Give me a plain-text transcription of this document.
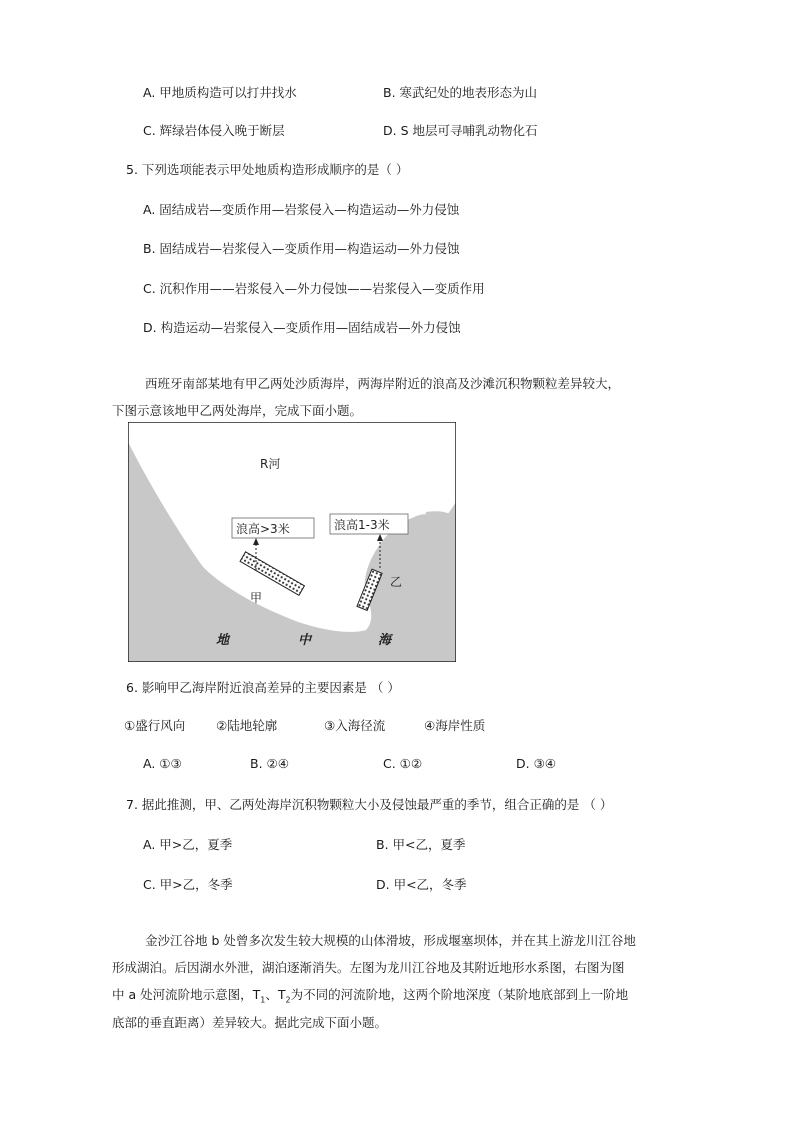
A. 甲地质构造可以打井找水	B. 寒武纪处的地表形态为山
C. 辉绿岩体侵入晚于断层	D. S 地层可寻哺乳动物化石
5. 下列选项能表示甲处地质构造形成顺序的是（ ）
A. 固结成岩—变质作用—岩浆侵入—构造运动—外力侵蚀
B. 固结成岩—岩浆侵入—变质作用—构造运动—外力侵蚀
C. 沉积作用——岩浆侵入—外力侵蚀——岩浆侵入—变质作用
D. 构造运动—岩浆侵入—变质作用—固结成岩—外力侵蚀
西班牙南部某地有甲乙两处沙质海岸，两海岸附近的浪高及沙滩沉积物颗粒差异较大，
下图示意该地甲乙两处海岸，完成下面小题。
R河
浪高>3米	浪高1-3米
甲
乙
地	中	海
6. 影响甲乙海岸附近浪高差异的主要因素是 （ ）
①盛行风向 ②陆地轮廓	③入海径流	④海岸性质
A. ①③	B. ②④	C. ①②	D. ③④
7. 据此推测，甲、乙两处海岸沉积物颗粒大小及侵蚀最严重的季节，组合正确的是 （ ）
A. 甲>乙，夏季	B. 甲<乙，夏季
C. 甲>乙，冬季	D. 甲<乙，冬季
金沙江谷地 b 处曾多次发生较大规模的山体滑坡，形成堰塞坝体，并在其上游龙川江谷地
形成湖泊。后因湖水外泄，湖泊逐渐消失。左图为龙川江谷地及其附近地形水系图，右图为图
中 a 处河流阶地示意图，$T_1$、$T_2$为不同的河流阶地，这两个阶地深度（某阶地底部到上一阶地
底部的垂直距离）差异较大。据此完成下面小题。
